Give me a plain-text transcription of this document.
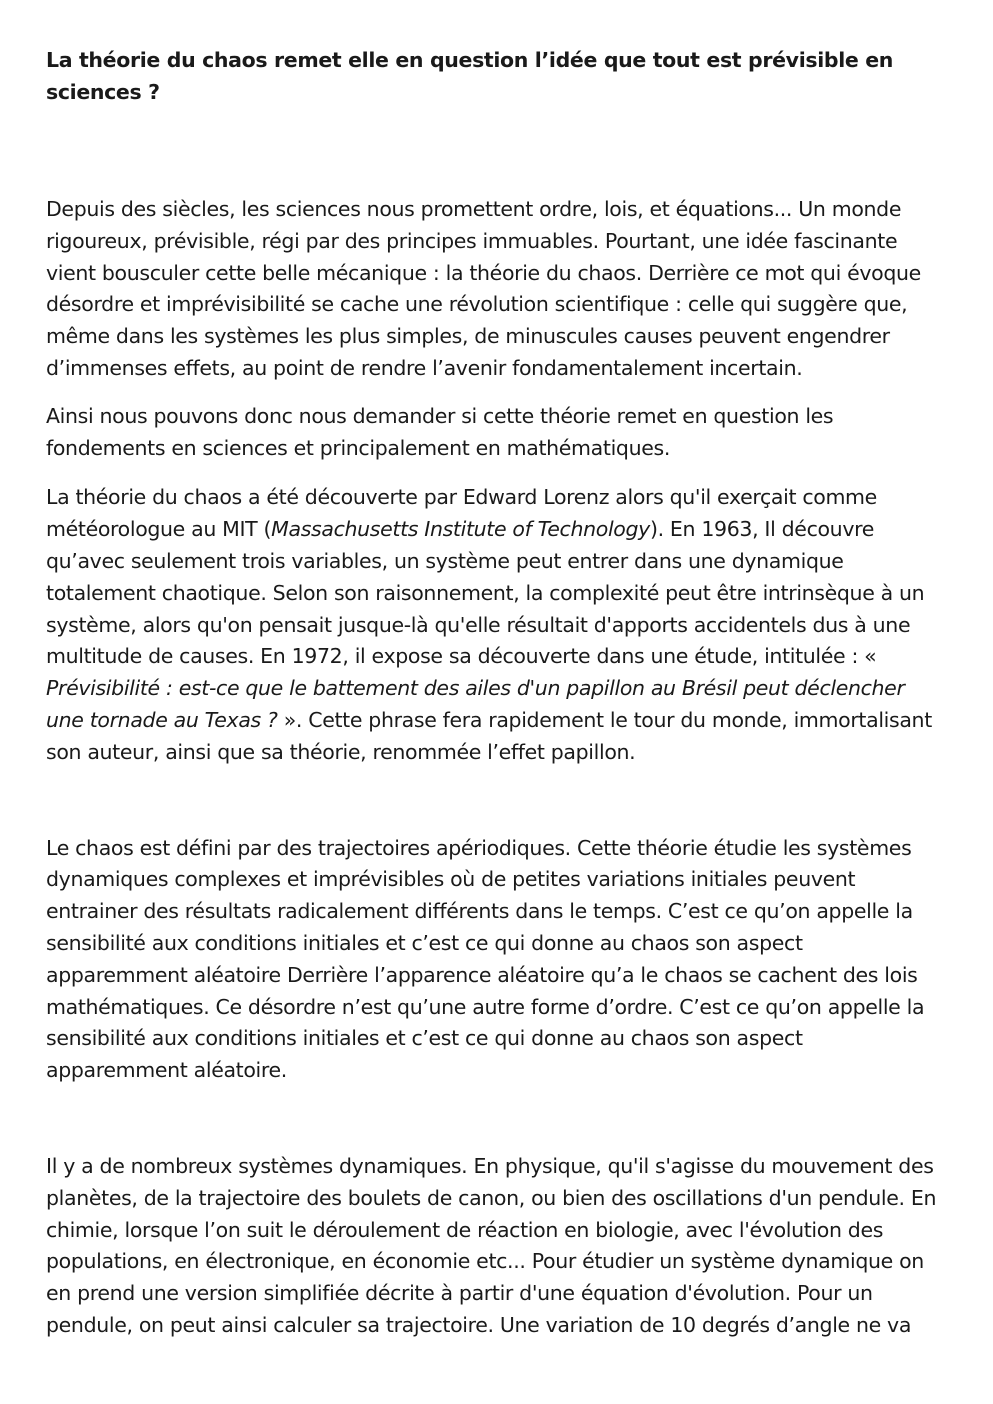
La théorie du chaos remet elle en question l’idée que tout est prévisible en sciences ?

Depuis des siècles, les sciences nous promettent ordre, lois, et équations... Un monde rigoureux, prévisible, régi par des principes immuables. Pourtant, une idée fascinante vient bousculer cette belle mécanique : la théorie du chaos. Derrière ce mot qui évoque désordre et imprévisibilité se cache une révolution scientifique : celle qui suggère que, même dans les systèmes les plus simples, de minuscules causes peuvent engendrer d’immenses effets, au point de rendre l’avenir fondamentalement incertain.

Ainsi nous pouvons donc nous demander si cette théorie remet en question les fondements en sciences et principalement en mathématiques.

La théorie du chaos a été découverte par Edward Lorenz alors qu'il exerçait comme météorologue au MIT (Massachusetts Institute of Technology). En 1963, Il découvre qu’avec seulement trois variables, un système peut entrer dans une dynamique totalement chaotique. Selon son raisonnement, la complexité peut être intrinsèque à un système, alors qu'on pensait jusque-là qu'elle résultait d'apports accidentels dus à une multitude de causes. En 1972, il expose sa découverte dans une étude, intitulée : « Prévisibilité : est-ce que le battement des ailes d'un papillon au Brésil peut déclencher une tornade au Texas ? ». Cette phrase fera rapidement le tour du monde, immortalisant son auteur, ainsi que sa théorie, renommée l’effet papillon.

Le chaos est défini par des trajectoires apériodiques. Cette théorie étudie les systèmes dynamiques complexes et imprévisibles où de petites variations initiales peuvent entrainer des résultats radicalement différents dans le temps. C’est ce qu’on appelle la sensibilité aux conditions initiales et c’est ce qui donne au chaos son aspect apparemment aléatoire Derrière l’apparence aléatoire qu’a le chaos se cachent des lois mathématiques. Ce désordre n’est qu’une autre forme d’ordre. C’est ce qu’on appelle la sensibilité aux conditions initiales et c’est ce qui donne au chaos son aspect apparemment aléatoire.

Il y a de nombreux systèmes dynamiques. En physique, qu'il s'agisse du mouvement des planètes, de la trajectoire des boulets de canon, ou bien des oscillations d'un pendule. En chimie, lorsque l’on suit le déroulement de réaction en biologie, avec l'évolution des populations, en électronique, en économie etc... Pour étudier un système dynamique on en prend une version simplifiée décrite à partir d'une équation d'évolution. Pour un pendule, on peut ainsi calculer sa trajectoire. Une variation de 10 degrés d’angle ne va
